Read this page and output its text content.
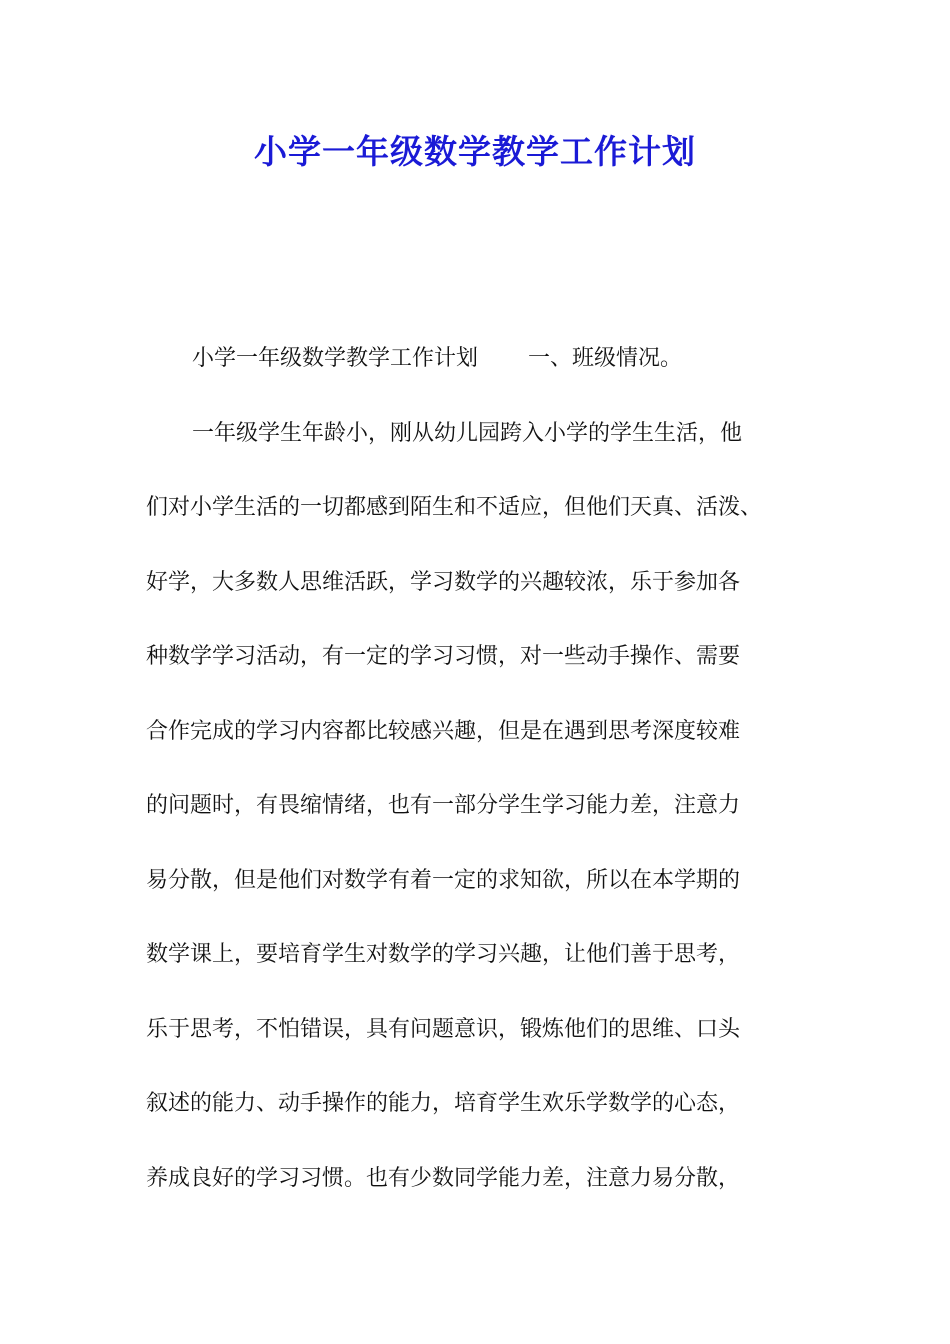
小学一年级数学教学工作计划
小学一年级数学教学工作计划 一、班级情况。
一年级学生年龄小，刚从幼儿园跨入小学的学生生活，他
们对小学生活的一切都感到陌生和不适应，但他们天真、活泼、
好学，大多数人思维活跃，学习数学的兴趣较浓，乐于参加各
种数学学习活动，有一定的学习习惯，对一些动手操作、需要
合作完成的学习内容都比较感兴趣，但是在遇到思考深度较难
的问题时，有畏缩情绪，也有一部分学生学习能力差，注意力
易分散，但是他们对数学有着一定的求知欲，所以在本学期的
数学课上，要培育学生对数学的学习兴趣，让他们善于思考，
乐于思考，不怕错误，具有问题意识，锻炼他们的思维、口头
叙述的能力、动手操作的能力，培育学生欢乐学数学的心态，
养成良好的学习习惯。也有少数同学能力差，注意力易分散，
